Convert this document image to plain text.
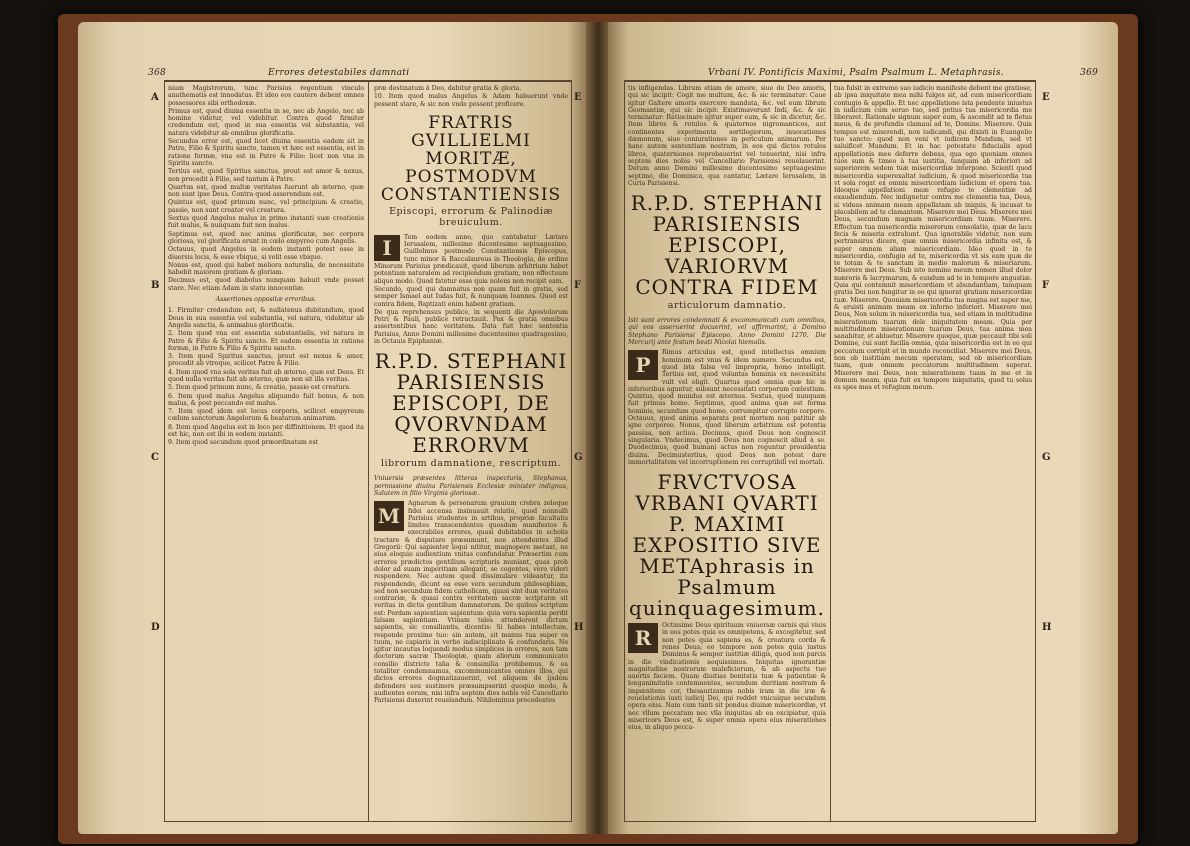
368	Errores detestabiles damnati
A
B
C
D
E
F
G
H

nium Magistrorum, tunc Parisius regentium vinculo anathematis est innodatus. Et ideo eos cautere debent omnes possessores sibi orthodoxæ.

Primus est, quod diuina essentia in se, nec ab Angelo, nec ab homine videtur, vel videbitur. Contra quod firmiter credendum est, quod in sua essentia vel substantia, vel natura videbitur ab omnibus glorificatis.

Secundus error est, quod licet diuina essentia eadem sit in Patre, Filio & Spiritu sancto, tamen vt hæc est essentia, est in ratione formæ, vna est in Patre & Filio: licet non vna in Spiritu sancto.

Tertius est, quod Spiritus sanctus, prout est amor & nexus, non procedit à Filio, sed tantum à Patre.

Quartus est, quod multæ veritates fuerunt ab æterno, quæ non sunt ipse Deus. Contra quod asserendum est.

Quintus est, quod primum nunc, vel principium & creatio, passio, non sunt creator vel creatura.

Sextus quod Angelus malus in primo instanti suæ creationis fuit malus, & nunquam fuit non malus.

Septimus est, quod nec anima glorificatæ, nec corpora gloriosa, vel glorificata erunt in cœlo empyreo cum Angelis.

Octauus, quod Angelus in eodem instanti potest esse in diuersis locis, & esse vbique, si velit esse vbique.

Nonus est, quod qui habet meliora naturalia, de necessitate habebit maiorem gratiam & gloriam.

Decimus est, quod diabolus nunquam habuit vnde posset stare. Nec etiam Adam in statu innocentiæ.

Assertiones oppositæ erroribus.

1. Firmiter credendum est, & nullatenus dubitandum, quod Deus in sua essentia vel substantia, vel natura, videbitur ab Angelis sanctis, & animabus glorificatis.

2. Item quod vna est essentia substantialis, vel natura in Patre & Filio & Spiritu sancto. Et eadem essentia in ratione formæ, in Patre & Filio & Spiritu sancto.

3. Item quod Spiritus sanctus, prout est nexus & amor, procedit ab vtroque, scilicet Patre & Filio.

4. Item quod vna sola veritas fuit ab æterno, quæ est Deus. Et quod nulla veritas fuit ab æterno, quæ non sit illa veritas.

5. Item quod primum nunc, & creatio, passio est creatura.

6. Item quod malus Angelus aliquando fuit bonus, & non malus, & post peccando est malus.

7. Item quod idem est locus corporis, scilicet empyreum cœlum sanctorum Angelorum & beatarum animarum.

8. Item quod Angelus est in loco per diffinitionem. Et quod ita est hic, non est ibi in eodem instanti.

9. Item quod secundum quod præordinatum est

præ destinatum à Deo, dabitur gratia & gloria.

10. Item quod malus Angelus & Adam habuerunt vnde possent stare, & sic non vnde possent proficere.

FRATRIS GVILLIELMI MORITÆ, POSTMODVM CONSTANTIENSIS
Episcopi, errorum & Palinodiæ breuiculum.

I	Tem eodem anno, quo cantabatur Lætare Ierusalem, millesimo ducentesimo septuagesimo, Guillelmus postmodo Constantiensis Episcopus, tunc minor & Baccalaureus in Theologia, de ordine Minorum Parisius prædicauit, quod liberum arbitrium habet potentiam naturalem ad recipiendum gratiam, non effectuum aliquo modo. Quod fatetur esse quia nolens non recipit eam.

Secundo, quod qui damnatus non quam fuit in gratia, sed semper Ismael aut Iudas fuit, & nunquam Ioannes. Quod est contra fidem, Baptizati enim habent gratiam.

De qua reprehensus publice, in sequenti die Apostolorum Petri & Pauli, publice retractauit. Pax & gratia omnibus assertentibus hanc veritatem. Data fuit hæc sententia Parisius, Anno Domini millesimo ducentesimo quadragesimo, in Octauis Epiphaniæ.

R.P.D. STEPHANI PARISIENSIS EPISCOPI, DE QVORVNDAM ERRORVM
librorum damnatione, rescriptum.

Vniuersis præsentes litteras inspecturis, Stephanus, permissione diuina Parisiensis Ecclesiæ minister indignus, Salutem in filio Virginis gloriosæ.

M
Agnarum & personarum grauium crebra zeloque fidei accensa insinuauit relatio, quod nonnulli Parisius studentes in artibus, propriæ facultatis limites transcendentes quosdam manifestos & execrabiles errores, quasi dubitabiles in scholis tractare & disputare præsumunt, non attendentes illud Gregorii: Qui sapienter loqui nititur, magnopere metuat, ne eius eloquio audientium vnitas confundatur. Præsertim cum errores prædictos gentilium scripturis muniant, quas proh dolor ad suam imperitiam allegant, se cogentes, vero videri respondere. Nec autem quod dissimulare videantur, ita respondendo, dicunt ea esse vera secundum philosophiam, sed non secundum fidem catholicam, quasi sint duæ veritates contrariæ, & quasi contra veritatem sacræ scripturæ sit veritas in dictis gentilium damnatorum. De quibus scriptum est: Perdam sapientiam sapientum: quia vera sapientia perdit falsam sapientiam. Vtinam tales attenderent dictum sapientis, sic consiliantis, dicentis: Si habes intellectum, responde proximo tuo: sin autem, sit manus tua super os tuum, ne capiaris in verbo indisciplinato & confundaris. Ne igitur incautus loquendi modus simplices in errores, non tam doctorum sacræ Theologiæ, quam aliorum communicato consilio districte talia & consimilia prohibemus, & ea totaliter condemnamus, excommunicantes omnes illos, qui dictos errores dogmatizauerint, vel aliquem de ijsdem defendere seu sustinere præsumpserint quoquo modo, & audientes eorum, nisi infra septem dies nobis vel Cancellario Parisiensi duxerint reuelandum. Nihilominus procedentes

Vrbani IV. Pontificis Maximi, Psalm Psalmum L. Metaphrasis.	369
E
F
G
H

tis infligendas. Librum etiam de amore, siue de Deo amoris, qui sic incipit: Cogit me multum, &c. & sic terminatur: Caue igitur Galtere amoris exercere mandata, &c. vel eum librum Geomantiæ, qui sic incipit: Existimaverunt Indi, &c. & sic terminatur: Ratiocinare igitur super eum, & sic in dicetur, &c. Item libros & rotulos & quaternos nigromanticos, aut continentes experimenta sortilegiorum, inuocationes dæmonum, siue coniurationes in periculum animarum. Per hanc autem sententiam nostram, in eos qui dictos rotulos libros, quaterniones reprobauerint vel tenuerint, nisi infra septem dies nobis vel Cancellario Parisiensi reuelauerint. Datum anno Domini millesimo ducentesimo septuagesimo septimo, die Dominica, qua cantatur, Lætare Ierusalem, in Curia Parisiensi.

R.P.D. STEPHANI PARISIENSIS EPISCOPI, VARIORVM CONTRA FIDEM
articulorum damnatio.

Isti sunt errores condemnati & excommunicati cum omnibus, qui eos asseruerint docuerint, vel affirmarint, à Domino Stephano Parisiensi Episcopo. Anno Domini 1270. Die Mercurij ante festum beati Nicolai hiemalis.

P
Rimus articulus est, quod intellectus omnium hominum est vnus & idem numero. Secundus est, quod ista falsa vel impropria, homo intelligit. Tertius est, quod voluntas hominis ex necessitate vult vel eligit. Quartus quod omnia quæ hic in inferioribus aguntur, subsunt necessitati corporum cœlestium. Quintus, quod mundus est æternus. Sextus, quod nunquam fuit primus homo. Septimus, quod anima quæ est forma hominis, secundum quod homo, corrumpitur corrupto corpore. Octauus, quod anima separata post mortem non patitur ab igne corporeo. Nonus, quod liberum arbitrium est potentia passiua, non actiua. Decimus, quod Deus non cognoscit singularia. Vndecimus, quod Deus non cognoscit aliud à se. Duodecimus, quod humani actus non reguntur prouidentia diuina. Decimustertius, quod Deus non potest dare immortalitatem vel incorruptionem rei corruptibili vel mortali.

FRVCTVOSA VRBANI QVARTI P. MAXIMI EXPOSITIO SIVE METAphrasis in Psalmum quinquagesimum.

R
Octissime Deus spirituum vniuersæ carnis qui viuis in eos potes quia es omnipotens, & excogitetur, sed non potes quia sapiens es, & creatura corda & renes Deus; eo tempore non potes quia iustus Dominus & semper iustitiæ diligis, quod non parcis in die vindicationis aequissimus. Iniquitas ignorantiæ magnitudine nostrorum maleficiorum, & ab aspectu tuo auertis faciem. Quam diuitias bonitatis tuæ & patientiæ & longanimitatis contemnentes, secundum duritiam nostram & impœnitens cor, thesaurizamus nobis iram in die iræ & reuelationis iusti iudicij Dei, qui reddet vnicuique secundum opera eius. Nam cum tanti sit pondus diuinæ misericordiæ, vt nec vllum peccatum nec vlla iniquitas ab ea excipiatur, quia misericors Deus est, & super omnia opera eius miserationes eius, in aliquo pecca-

tua fulsit in extremo suo iudicio manifeste debent me gratiose, ab ipsa iniquitate mea mihi fulges sit, ad cum misericordiam contugio & appello. Et nec appellatione ista pendente iniustus in iudicium cum seruo tuo, sed potius tua misericordia me liberaret. Rationale signum super eum, & ascendit ad te fletus meus, & de profundis clamaui ad te, Domine. Miserere. Quia tempus est miserendi, non iudicandi, qui dixisti in Euangelio tuo sancto: quod non veni vt iudicem Mundum, sed vt saluificet Mundum. Et in hac potestate fiducialis apud appellationis mee deferre debeas, qua ego quoniam omnes tuos sum & timeo à tua iustitia, tanquam ab inferiori ad superiorem sedem tuæ misericordiæ interpono. Scienti quod misericordia superexaltat iudicium, & quod misericordia tua vt sola rogat ex omnia misericordiam iudicium et opera tua. Ideoque appellationi meæ refugio te clementiæ ad exaudiendum. Nec indignetur contra me clementia tua, Deus, si videas animam meam appellatam ab iniquis, & incusat te placabilem ad te clamantem. Miserere mei Deus. Miserere mei Deus, secundum magnam misericordiam tuam. Miserere. Effectum tua misericordia miserorum consolatio, quæ de lacu fecis & miseria extrahunt. Qua ignorabile videtur, non sum pertransirus dicere, quæ omnis misericordia infinita est, & super omnem aliam misericordiam. Ideo quod in te misericordia, confugio ad te, misericordia vt sis eam quæ de te totam & te sanctam in medio malorum & miseriarum. Miserere mei Deus. Sub isto nomine meum nomen illud dolor mæroris & lacrymarum, & eundum ad te in tempore angustiæ. Quia qui contemnit misericordiam vt abundantiam, tamquam gratia Dei non fungitur in eo qui ignorat gratiam misericordiæ tuæ. Miserere. Quoniam misericordia tua magna est super me, & eruisti animam meam ex inferno inferiori. Miserere mei Deus, Non solum in misericordia tua, sed etiam in multitudine miserationum tuarum dele iniquitatem meam. Quia per multitudinem miserationum tuarum Deus, tua anima mea sanabitur, et abluetur. Miserere quoque, quæ peccauit tibi soli Domine, cui sunt facilia omnia, quia misericordia est in eo qui peccatum corripit et in mundo reconciliat. Miserere mei Deus, non ob iustitiam mecum operatam, sed ob misericordiam tuam, quæ omnem peccatorum multitudinem superat. Miserere mei Deus, non miserationem tuam in me et in domum meam, quia fuit ex tempore iniquitatis, quod tu solus es spes mea et refugium meum.
